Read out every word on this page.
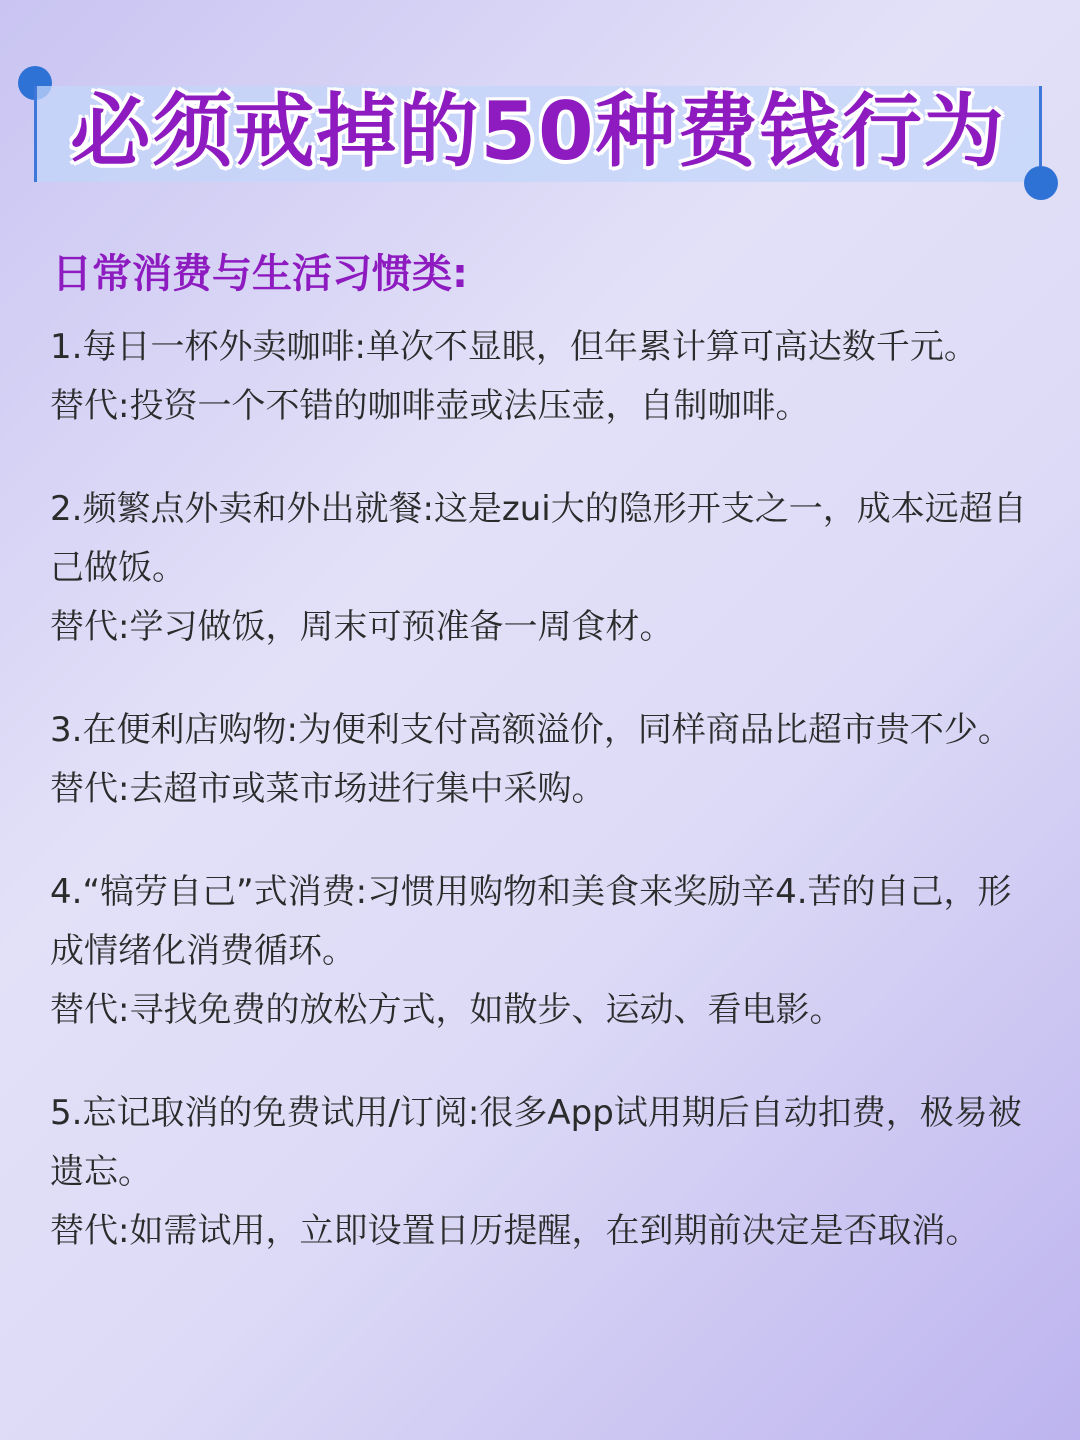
必须戒掉的50种费钱行为
日常消费与生活习惯类:

1.每日一杯外卖咖啡:单次不显眼，但年累计算可高达数千元。

替代:投资一个不错的咖啡壶或法压壶，自制咖啡。

2.频繁点外卖和外出就餐:这是zui大的隐形开支之一，成本远超自己做饭。

替代:学习做饭，周末可预准备一周食材。

3.在便利店购物:为便利支付高额溢价，同样商品比超市贵不少。

替代:去超市或菜市场进行集中采购。

4.“犒劳自己”式消费:习惯用购物和美食来奖励辛4.苦的自己，形成情绪化消费循环。

替代:寻找免费的放松方式，如散步、运动、看电影。

5.忘记取消的免费试用/订阅:很多App试用期后自动扣费，极易被遗忘。

替代:如需试用，立即设置日历提醒，在到期前决定是否取消。
